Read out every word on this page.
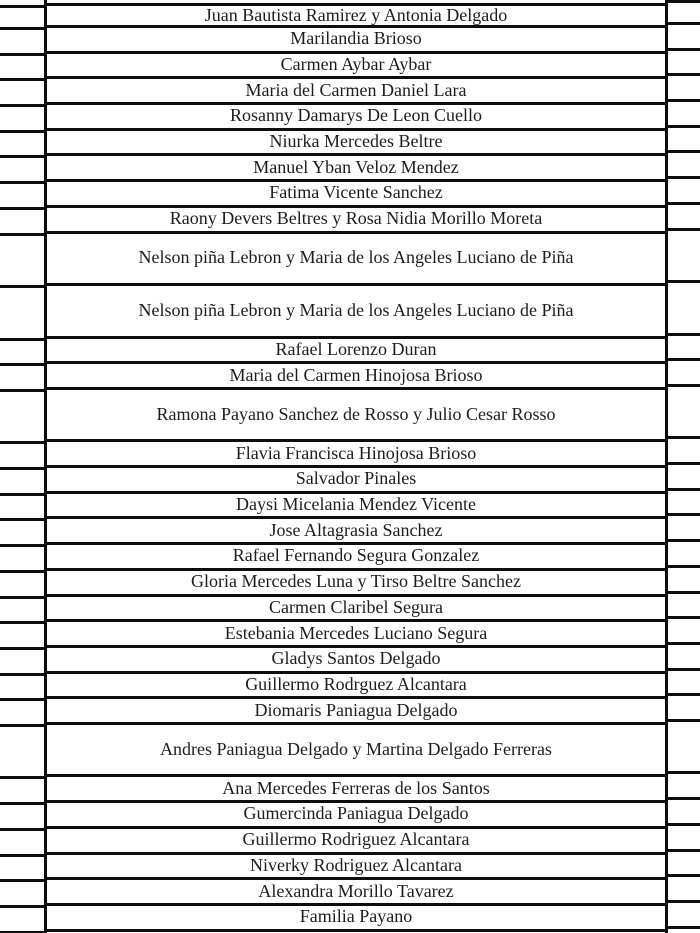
Juan Bautista Ramirez y Antonia Delgado
Marilandia Brioso
Carmen Aybar Aybar
Maria del Carmen Daniel Lara
Rosanny Damarys De Leon Cuello
Niurka Mercedes Beltre
Manuel Yban Veloz Mendez
Fatima Vicente Sanchez
Raony Devers Beltres y Rosa Nidia Morillo Moreta
Nelson piña Lebron y Maria de los Angeles Luciano de Piña
Nelson piña Lebron y Maria de los Angeles Luciano de Piña
Rafael Lorenzo Duran
Maria del Carmen Hinojosa Brioso
Ramona Payano Sanchez de Rosso y Julio Cesar Rosso
Flavia Francisca Hinojosa Brioso
Salvador Pinales
Daysi Micelania Mendez Vicente
Jose Altagrasia Sanchez
Rafael Fernando Segura Gonzalez
Gloria Mercedes Luna y Tirso Beltre Sanchez
Carmen Claribel Segura
Estebania Mercedes Luciano Segura
Gladys Santos Delgado
Guillermo Rodrguez Alcantara
Diomaris Paniagua Delgado
Andres Paniagua Delgado y Martina Delgado Ferreras
Ana Mercedes Ferreras de los Santos
Gumercinda Paniagua Delgado
Guillermo Rodriguez Alcantara
Niverky Rodriguez Alcantara
Alexandra Morillo Tavarez
Familia Payano
